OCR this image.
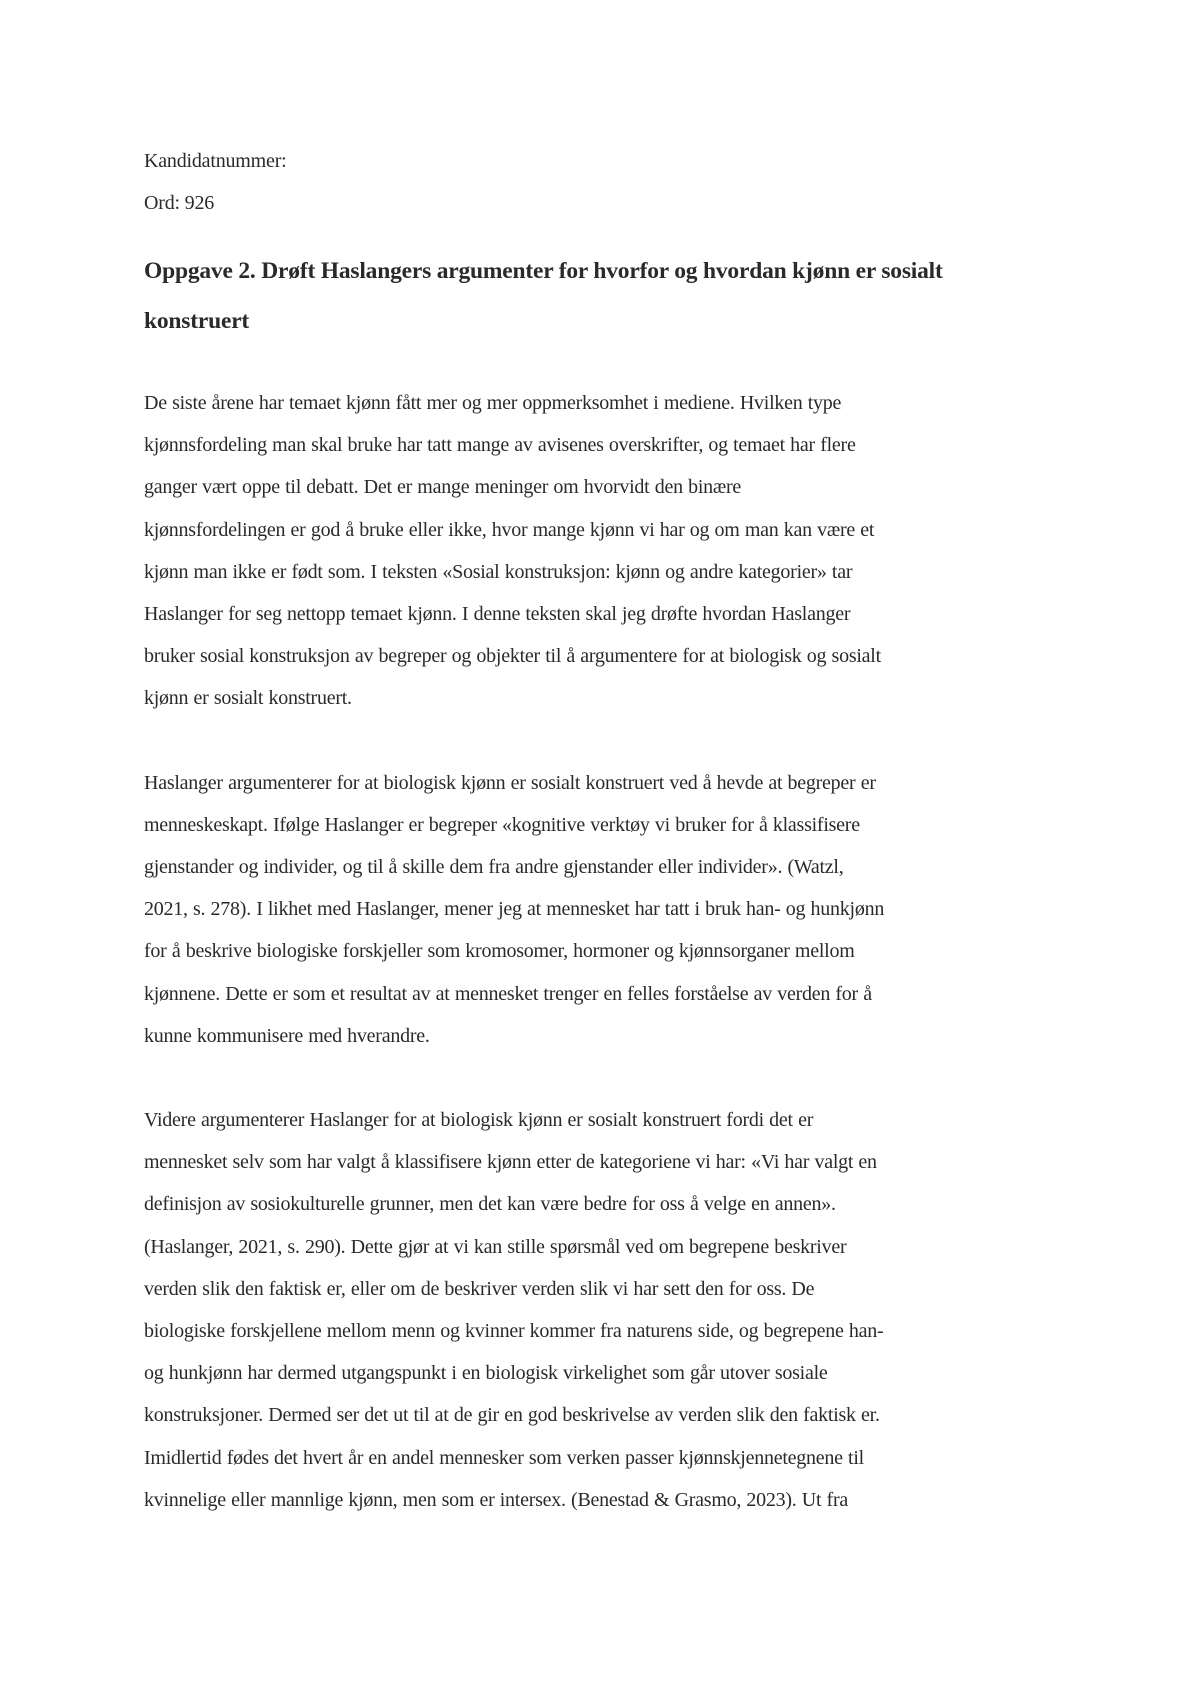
Kandidatnummer:

Ord: 926

Oppgave 2. Drøft Haslangers argumenter for hvorfor og hvordan kjønn er sosialt
konstruert

De siste årene har temaet kjønn fått mer og mer oppmerksomhet i mediene. Hvilken type
kjønnsfordeling man skal bruke har tatt mange av avisenes overskrifter, og temaet har flere
ganger vært oppe til debatt. Det er mange meninger om hvorvidt den binære
kjønnsfordelingen er god å bruke eller ikke, hvor mange kjønn vi har og om man kan være et
kjønn man ikke er født som. I teksten «Sosial konstruksjon: kjønn og andre kategorier» tar
Haslanger for seg nettopp temaet kjønn. I denne teksten skal jeg drøfte hvordan Haslanger
bruker sosial konstruksjon av begreper og objekter til å argumentere for at biologisk og sosialt
kjønn er sosialt konstruert.

Haslanger argumenterer for at biologisk kjønn er sosialt konstruert ved å hevde at begreper er
menneskeskapt. Ifølge Haslanger er begreper «kognitive verktøy vi bruker for å klassifisere
gjenstander og individer, og til å skille dem fra andre gjenstander eller individer». (Watzl,
2021, s. 278). I likhet med Haslanger, mener jeg at mennesket har tatt i bruk han- og hunkjønn
for å beskrive biologiske forskjeller som kromosomer, hormoner og kjønnsorganer mellom
kjønnene. Dette er som et resultat av at mennesket trenger en felles forståelse av verden for å
kunne kommunisere med hverandre.

Videre argumenterer Haslanger for at biologisk kjønn er sosialt konstruert fordi det er
mennesket selv som har valgt å klassifisere kjønn etter de kategoriene vi har: «Vi har valgt en
definisjon av sosiokulturelle grunner, men det kan være bedre for oss å velge en annen».
(Haslanger, 2021, s. 290). Dette gjør at vi kan stille spørsmål ved om begrepene beskriver
verden slik den faktisk er, eller om de beskriver verden slik vi har sett den for oss. De
biologiske forskjellene mellom menn og kvinner kommer fra naturens side, og begrepene han-
og hunkjønn har dermed utgangspunkt i en biologisk virkelighet som går utover sosiale
konstruksjoner. Dermed ser det ut til at de gir en god beskrivelse av verden slik den faktisk er.
Imidlertid fødes det hvert år en andel mennesker som verken passer kjønnskjennetegnene til
kvinnelige eller mannlige kjønn, men som er intersex. (Benestad & Grasmo, 2023). Ut fra
